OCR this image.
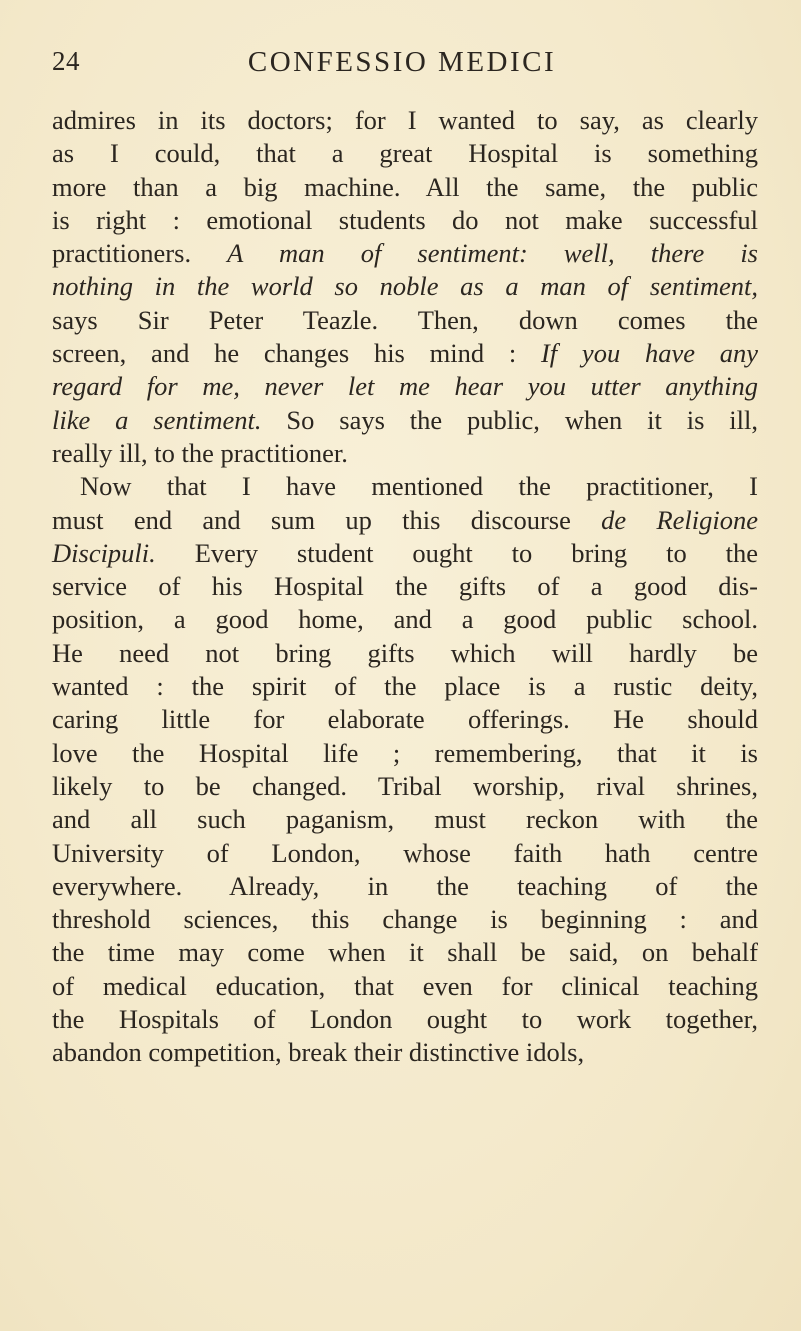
24	CONFESSIO MEDICI
admires in its doctors; for I wanted to say, as clearly
as I could, that a great Hospital is something
more than a big machine. All the same, the public
is right : emotional students do not make successful
practitioners. A man of sentiment: well, there is
nothing in the world so noble as a man of sentiment,
says Sir Peter Teazle. Then, down comes the
screen, and he changes his mind : If you have any
regard for me, never let me hear you utter anything
like a sentiment. So says the public, when it is ill,
really ill, to the practitioner.
Now that I have mentioned the practitioner, I
must end and sum up this discourse de Religione
Discipuli. Every student ought to bring to the
service of his Hospital the gifts of a good dis-
position, a good home, and a good public school.
He need not bring gifts which will hardly be
wanted : the spirit of the place is a rustic deity,
caring little for elaborate offerings. He should
love the Hospital life ; remembering, that it is
likely to be changed. Tribal worship, rival shrines,
and all such paganism, must reckon with the
University of London, whose faith hath centre
everywhere. Already, in the teaching of the
threshold sciences, this change is beginning : and
the time may come when it shall be said, on behalf
of medical education, that even for clinical teaching
the Hospitals of London ought to work together,
abandon competition, break their distinctive idols,
